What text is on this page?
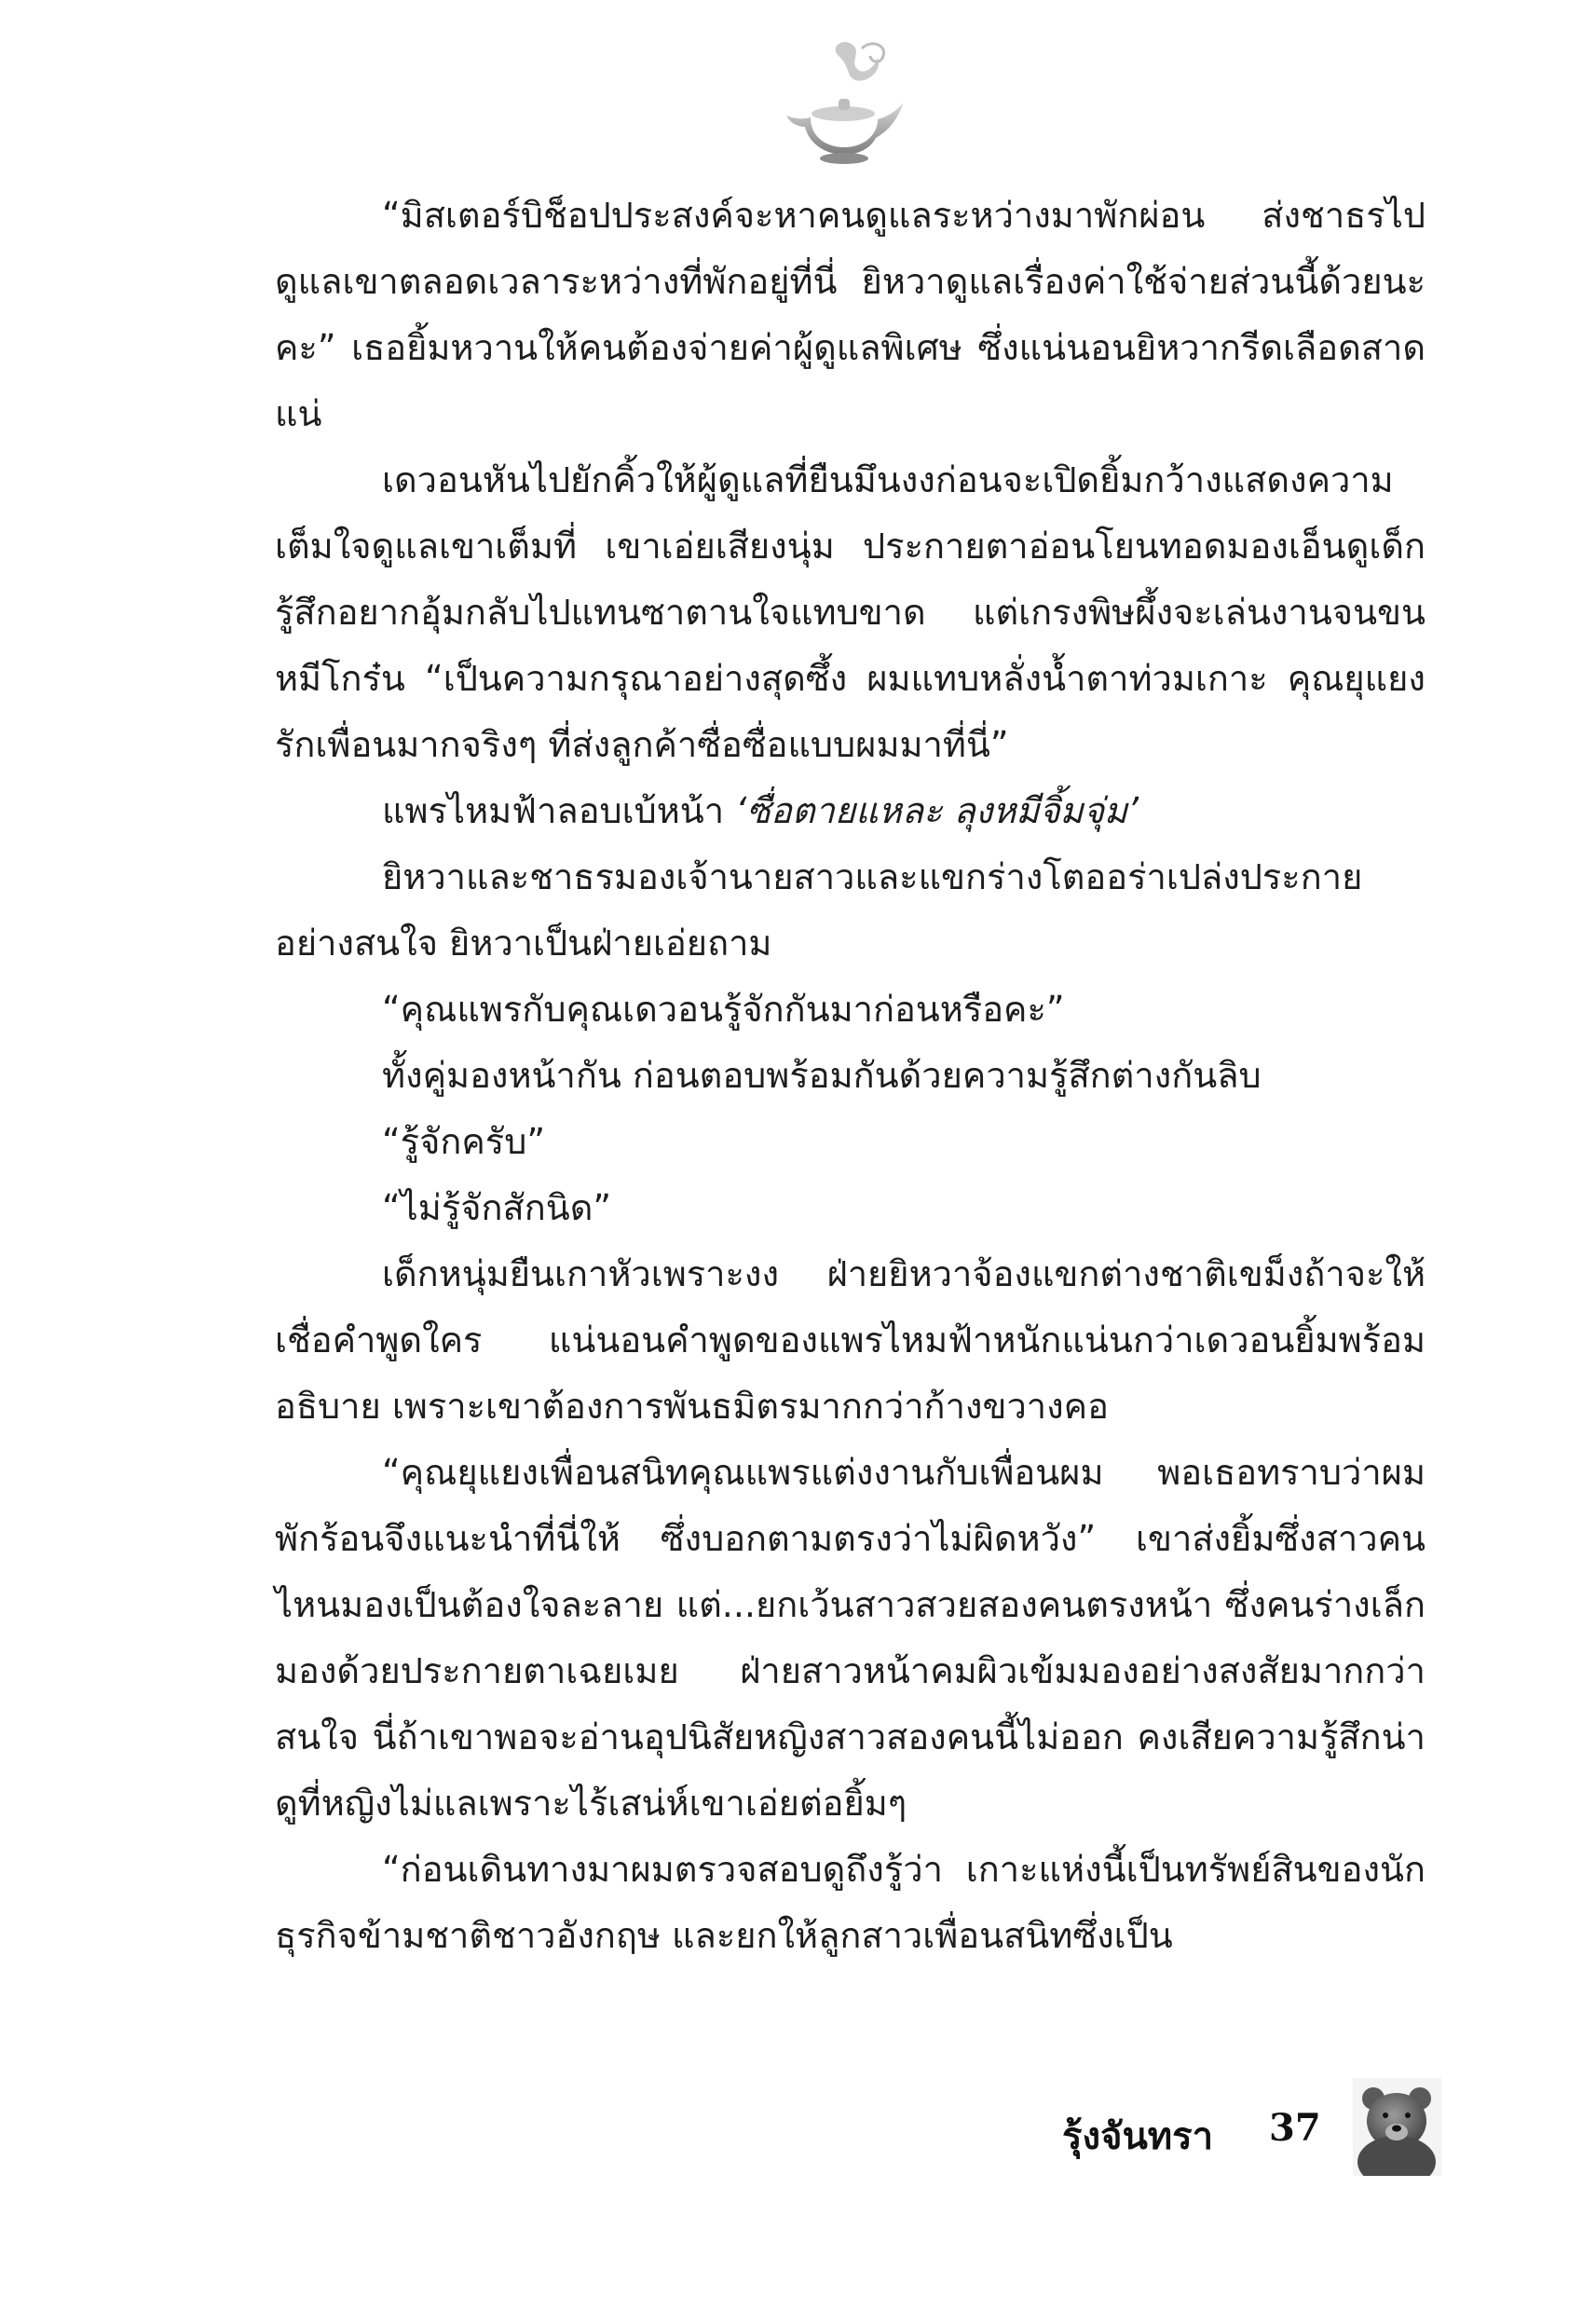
“มิสเตอร์บิช็อปประสงค์จะหาคนดูแลระหว่างมาพักผ่อน ส่งชาธรไปดูแลเขาตลอดเวลาระหว่างที่พักอยู่ที่นี่ ยิหวาดูแลเรื่องค่าใช้จ่ายส่วนนี้ด้วยนะคะ” เธอยิ้มหวานให้คนต้องจ่ายค่าผู้ดูแลพิเศษ ซึ่งแน่นอนยิหวากรีดเลือดสาดแน่

เดวอนหันไปยักคิ้วให้ผู้ดูแลที่ยืนมึนงงก่อนจะเปิดยิ้มกว้างแสดงความเต็มใจดูแลเขาเต็มที่ เขาเอ่ยเสียงนุ่ม ประกายตาอ่อนโยนทอดมองเอ็นดูเด็ก รู้สึกอยากอุ้มกลับไปแทนซาตานใจแทบขาด แต่เกรงพิษผึ้งจะเล่นงานจนขนหมีโกร๋น “เป็นความกรุณาอย่างสุดซึ้ง ผมแทบหลั่งน้ำตาท่วมเกาะ คุณยุแยงรักเพื่อนมากจริงๆ ที่ส่งลูกค้าซื่อซื่อแบบผมมาที่นี่”

แพรไหมฟ้าลอบเบ้หน้า ‘ซื่อตายแหละ ลุงหมีจิ้มจุ่ม’

ยิหวาและชาธรมองเจ้านายสาวและแขกร่างโตออร่าเปล่งประกายอย่างสนใจ ยิหวาเป็นฝ่ายเอ่ยถาม

“คุณแพรกับคุณเดวอนรู้จักกันมาก่อนหรือคะ”

ทั้งคู่มองหน้ากัน ก่อนตอบพร้อมกันด้วยความรู้สึกต่างกันลิบ

“รู้จักครับ”

“ไม่รู้จักสักนิด”

เด็กหนุ่มยืนเกาหัวเพราะงง ฝ่ายยิหวาจ้องแขกต่างชาติเขม็งถ้าจะให้เชื่อคำพูดใคร แน่นอนคำพูดของแพรไหมฟ้าหนักแน่นกว่าเดวอนยิ้มพร้อมอธิบาย เพราะเขาต้องการพันธมิตรมากกว่าก้างขวางคอ

“คุณยุแยงเพื่อนสนิทคุณแพรแต่งงานกับเพื่อนผม พอเธอทราบว่าผมพักร้อนจึงแนะนำที่นี่ให้ ซึ่งบอกตามตรงว่าไม่ผิดหวัง” เขาส่งยิ้มซึ่งสาวคนไหนมองเป็นต้องใจละลาย แต่...ยกเว้นสาวสวยสองคนตรงหน้า ซึ่งคนร่างเล็กมองด้วยประกายตาเฉยเมย ฝ่ายสาวหน้าคมผิวเข้มมองอย่างสงสัยมากกว่าสนใจ นี่ถ้าเขาพอจะอ่านอุปนิสัยหญิงสาวสองคนนี้ไม่ออก คงเสียความรู้สึกน่าดูที่หญิงไม่แลเพราะไร้เสน่ห์เขาเอ่ยต่อยิ้มๆ

“ก่อนเดินทางมาผมตรวจสอบดูถึงรู้ว่า เกาะแห่งนี้เป็นทรัพย์สินของนักธุรกิจข้ามชาติชาวอังกฤษ และยกให้ลูกสาวเพื่อนสนิทซึ่งเป็น

รุ้งจันทรา 37
